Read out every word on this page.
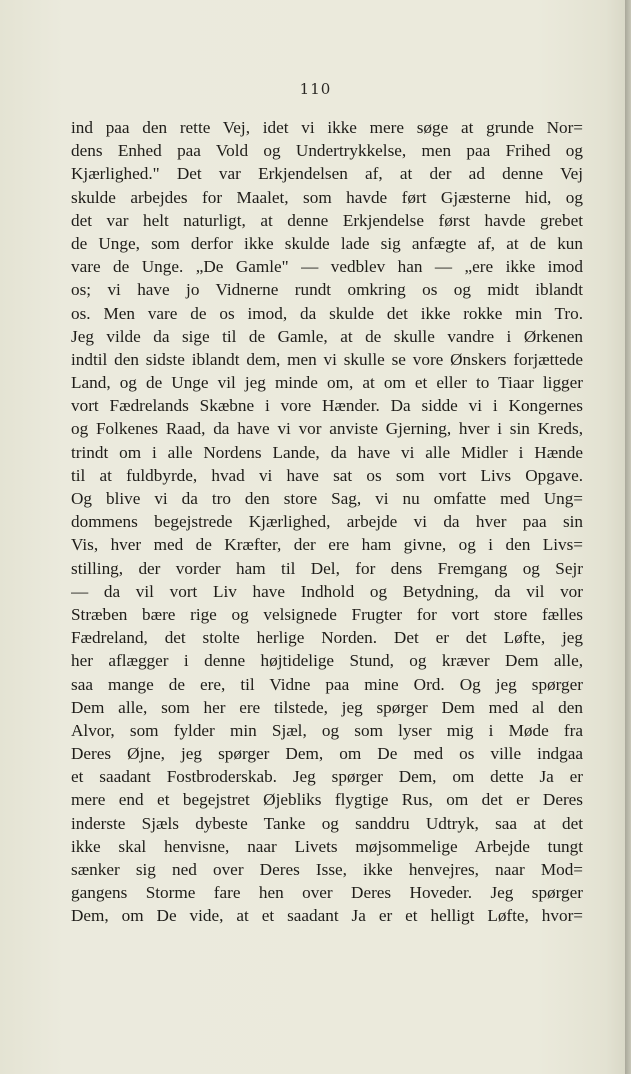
110
ind paa den rette Vej, idet vi ikke mere søge at grunde Nor=
dens Enhed paa Vold og Undertrykkelse, men paa Frihed og
Kjærlighed." Det var Erkjendelsen af, at der ad denne Vej
skulde arbejdes for Maalet, som havde ført Gjæsterne hid, og
det var helt naturligt, at denne Erkjendelse først havde grebet
de Unge, som derfor ikke skulde lade sig anfægte af, at de kun
vare de Unge. „De Gamle" — vedblev han — „ere ikke imod
os; vi have jo Vidnerne rundt omkring os og midt iblandt
os. Men vare de os imod, da skulde det ikke rokke min Tro.
Jeg vilde da sige til de Gamle, at de skulle vandre i Ørkenen
indtil den sidste iblandt dem, men vi skulle se vore Ønskers forjættede
Land, og de Unge vil jeg minde om, at om et eller to Tiaar ligger
vort Fædrelands Skæbne i vore Hænder. Da sidde vi i Kongernes
og Folkenes Raad, da have vi vor anviste Gjerning, hver i sin Kreds,
trindt om i alle Nordens Lande, da have vi alle Midler i Hænde
til at fuldbyrde, hvad vi have sat os som vort Livs Opgave.
Og blive vi da tro den store Sag, vi nu omfatte med Ung=
dommens begejstrede Kjærlighed, arbejde vi da hver paa sin
Vis, hver med de Kræfter, der ere ham givne, og i den Livs=
stilling, der vorder ham til Del, for dens Fremgang og Sejr
— da vil vort Liv have Indhold og Betydning, da vil vor
Stræben bære rige og velsignede Frugter for vort store fælles
Fædreland, det stolte herlige Norden. Det er det Løfte, jeg
her aflægger i denne højtidelige Stund, og kræver Dem alle,
saa mange de ere, til Vidne paa mine Ord. Og jeg spørger
Dem alle, som her ere tilstede, jeg spørger Dem med al den
Alvor, som fylder min Sjæl, og som lyser mig i Møde fra
Deres Øjne, jeg spørger Dem, om De med os ville indgaa
et saadant Fostbroderskab. Jeg spørger Dem, om dette Ja er
mere end et begejstret Øjebliks flygtige Rus, om det er Deres
inderste Sjæls dybeste Tanke og sanddru Udtryk, saa at det
ikke skal henvisne, naar Livets møjsommelige Arbejde tungt
sænker sig ned over Deres Isse, ikke henvejres, naar Mod=
gangens Storme fare hen over Deres Hoveder. Jeg spørger
Dem, om De vide, at et saadant Ja er et helligt Løfte, hvor=
